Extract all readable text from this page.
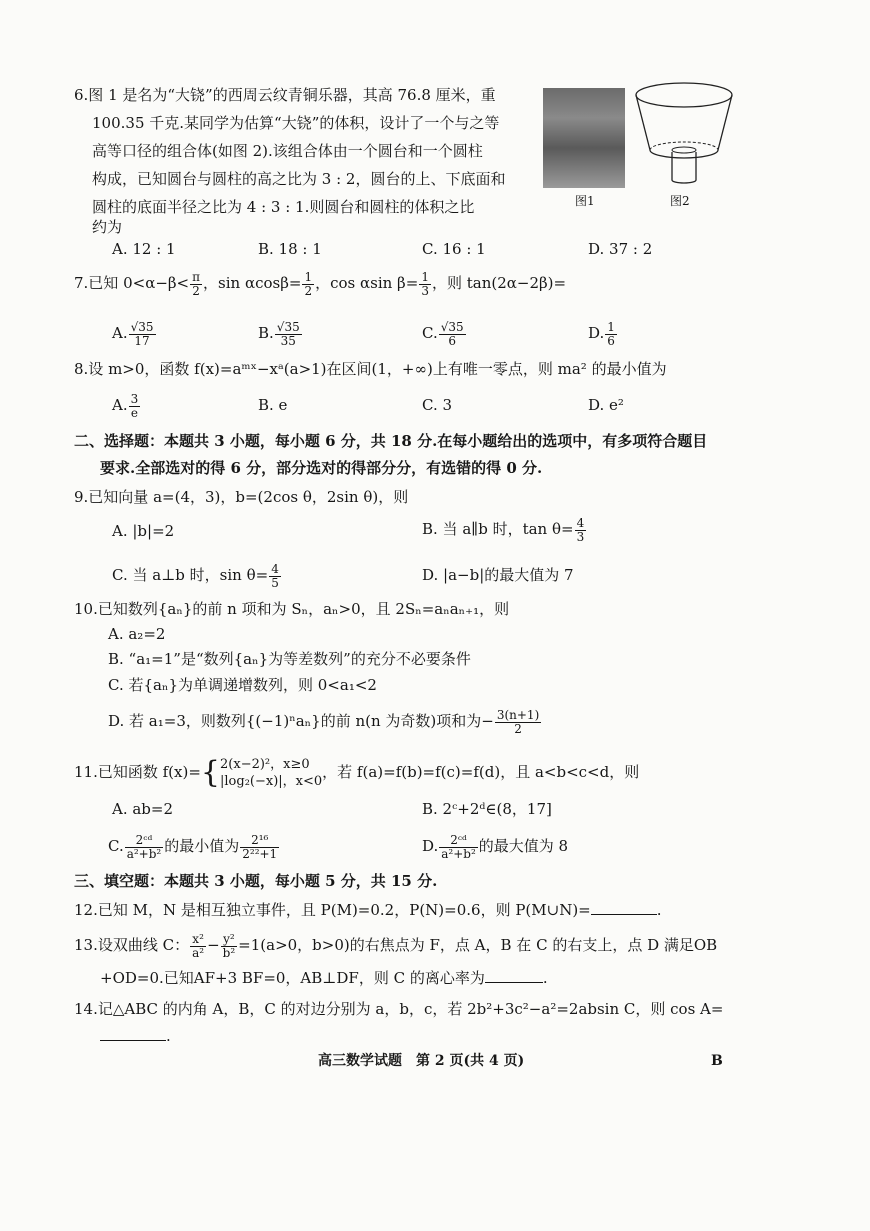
6.图 1 是名为“大铙”的西周云纹青铜乐器，其高 76.8 厘米，重
100.35 千克.某同学为估算“大铙”的体积，设计了一个与之等
高等口径的组合体(如图 2).该组合体由一个圆台和一个圆柱
构成，已知圆台与圆柱的高之比为 3 : 2，圆台的上、下底面和
圆柱的底面半径之比为 4 : 3 : 1.则圆台和圆柱的体积之比
约为
图1	图2
A. 12 : 1	B. 18 : 1	C. 16 : 1	D. 37 : 2
7.已知 $0<\alpha-\beta< \frac{\pi}{2}$ ，$\sin \alpha\cos\beta= \frac{1}{2}$ ，cos αsin $\beta= \frac{1}{3}$ ，则 tan(2α−2β)=
A. $\frac{√35}{17}$	B. $\frac{√35}{35}$	C. $\frac{√35}{6}$	D. $\frac{1}{6}$
8.设 m>0，函数 f(x)=aᵐˣ−xᵃ(a>1)在区间(1，+∞)上有唯一零点，则 ma² 的最小值为
A. $\frac{3}{e}$	B. e	C. 3	D. e²
二、选择题：本题共 3 小题，每小题 6 分，共 18 分.在每小题给出的选项中，有多项符合题目
要求.全部选对的得 6 分，部分选对的得部分分，有选错的得 0 分.
9.已知向量 a=(4，3)，b=(2cos θ，2sin θ)，则
A. |b|=2	B. 当 a∥b 时，$\tan \theta= \frac{4}{3}$
C. 当 a⊥b 时，$\sin \theta= \frac{4}{5}$	D. |a−b|的最大值为 7
10.已知数列{aₙ}的前 n 项和为 Sₙ，aₙ>0，且 2Sₙ=aₙaₙ₊₁，则
A. a₂=2
B. “a₁=1”是“数列{aₙ}为等差数列”的充分不必要条件
C. 若{aₙ}为单调递增数列，则 0<a₁<2
D. 若 a₁=3，则数列{(−1)ⁿaₙ}的前 n(n 为奇数)项和为− $\frac{3(n+1)}{2}$
11.已知函数 f(x)={ 2(x−2)²，x≥0
|log₂(−x)|，x<0
，若 f(a)=f(b)=f(c)=f(d)，且 a<b<c<d，则
A. ab=2	B. 2ᶜ+2ᵈ∈(8，17]
C. $\frac{\text{2ᶜᵈ}}{\text{a²+b²}}$ 的最小值为 $\frac{\text{2¹⁶}}{\text{2²²+1}}$	D. $\frac{\text{2ᶜᵈ}}{\text{a²+b²}}$ 的最大值为 8
三、填空题：本题共 3 小题，每小题 5 分，共 15 分.
12.已知 M，N 是相互独立事件，且 P(M)=0.2，P(N)=0.6，则 P(M∪N)=	.
13.设双曲线 C： $\frac{\text{x²}}{\text{a²}} - \frac{\text{y²}}{\text{b²}} =1(a>0$，b>0)的右焦点为 F，点 A，B 在 C 的右支上，点 D 满足OB
+OD=0.已知AF+3 BF=0，AB⊥DF，则 C 的离心率为	.
14.记△ABC 的内角 A，B，C 的对边分别为 a，b，c，若 2b²+3c²−a²=2absin C，则 cos A=
.
高三数学试题　第 2 页(共 4 页)	B
